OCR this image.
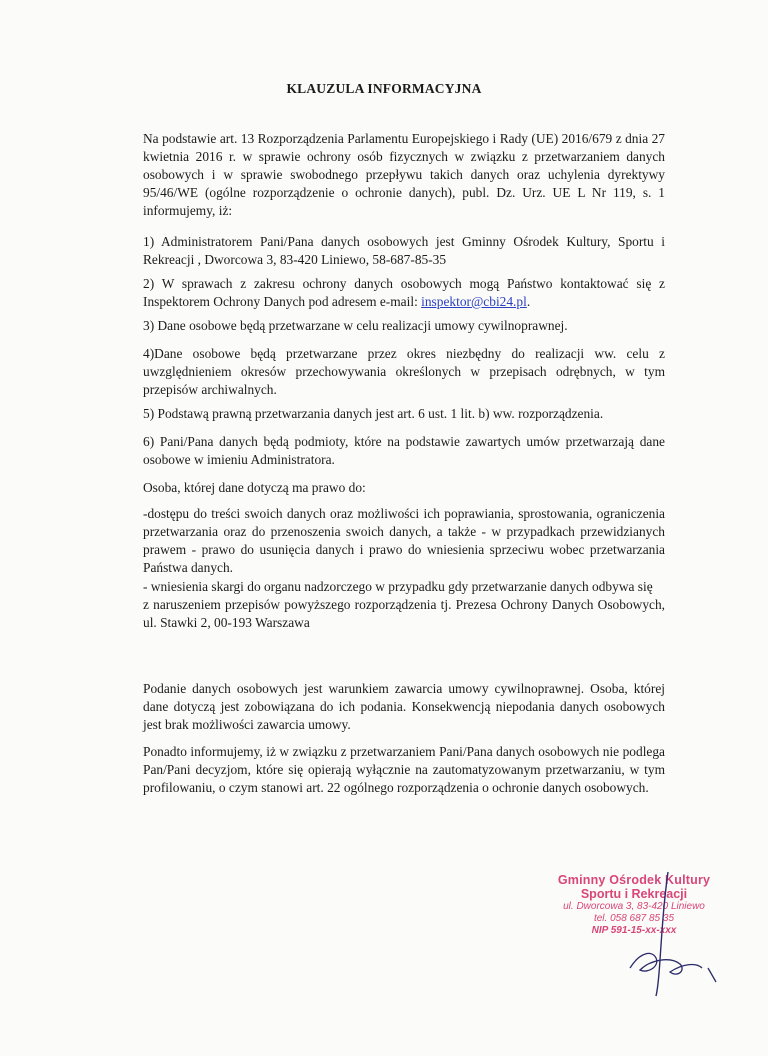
KLAUZULA INFORMACYJNA

Na podstawie art. 13 Rozporządzenia Parlamentu Europejskiego i Rady (UE) 2016/679 z dnia 27 kwietnia 2016 r. w sprawie ochrony osób fizycznych w związku z przetwarzaniem danych osobowych i w sprawie swobodnego przepływu takich danych oraz uchylenia dyrektywy 95/46/WE (ogólne rozporządzenie o ochronie danych), publ. Dz. Urz. UE L Nr 119, s. 1 informujemy, iż:

1) Administratorem Pani/Pana danych osobowych jest Gminny Ośrodek Kultury, Sportu i Rekreacji , Dworcowa 3, 83-420 Liniewo, 58-687-85-35

2) W sprawach z zakresu ochrony danych osobowych mogą Państwo kontaktować się z Inspektorem Ochrony Danych pod adresem e-mail: inspektor@cbi24.pl.

3) Dane osobowe będą przetwarzane w celu realizacji umowy cywilnoprawnej.

4)Dane osobowe będą przetwarzane przez okres niezbędny do realizacji ww. celu z uwzględnieniem okresów przechowywania określonych w przepisach odrębnych, w tym przepisów archiwalnych.

5) Podstawą prawną przetwarzania danych jest art. 6 ust. 1 lit. b) ww. rozporządzenia.

6) Pani/Pana danych będą podmioty, które na podstawie zawartych umów przetwarzają dane osobowe w imieniu Administratora.

Osoba, której dane dotyczą ma prawo do:

-dostępu do treści swoich danych oraz możliwości ich poprawiania, sprostowania, ograniczenia przetwarzania oraz do przenoszenia swoich danych, a także - w przypadkach przewidzianych prawem - prawo do usunięcia danych i prawo do wniesienia sprzeciwu wobec przetwarzania Państwa danych.

- wniesienia skargi do organu nadzorczego w przypadku gdy przetwarzanie danych odbywa się

z naruszeniem przepisów powyższego rozporządzenia tj. Prezesa Ochrony Danych Osobowych, ul. Stawki 2, 00-193 Warszawa

Podanie danych osobowych jest warunkiem zawarcia umowy cywilnoprawnej. Osoba, której dane dotyczą jest zobowiązana do ich podania. Konsekwencją niepodania danych osobowych jest brak możliwości zawarcia umowy.

Ponadto informujemy, iż w związku z przetwarzaniem Pani/Pana danych osobowych nie podlega Pan/Pani decyzjom, które się opierają wyłącznie na zautomatyzowanym przetwarzaniu, w tym profilowaniu, o czym stanowi art. 22 ogólnego rozporządzenia o ochronie danych osobowych.

Gminny Ośrodek Kultury
Sportu i Rekreacji
ul. Dworcowa 3, 83-420 Liniewo
tel. 058 687 85 35
NIP 591-15-xx-xxx
